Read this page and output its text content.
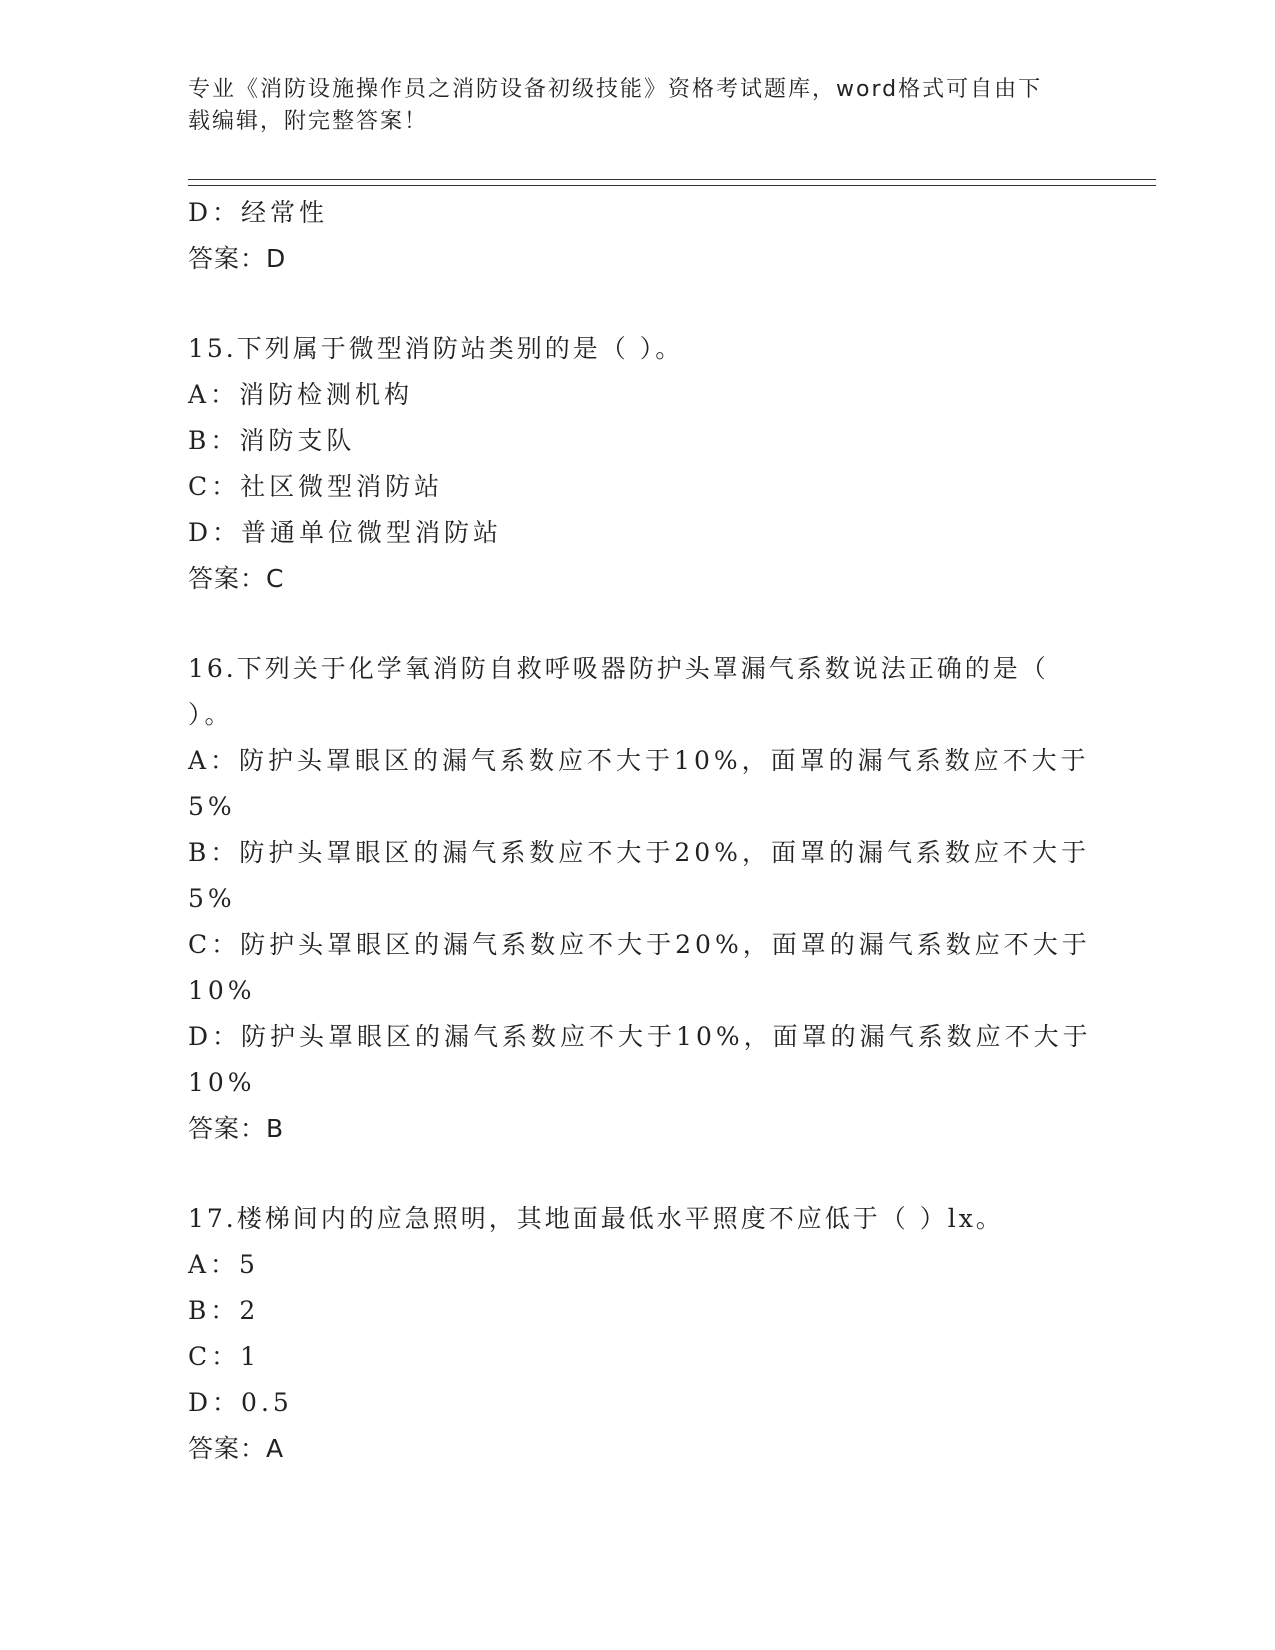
专业《消防设施操作员之消防设备初级技能》资格考试题库，word格式可自由下
载编辑，附完整答案！
D：经常性
答案：D
15.下列属于微型消防站类别的是（ ）。
A：消防检测机构
B：消防支队
C：社区微型消防站
D：普通单位微型消防站
答案：C
16.下列关于化学氧消防自救呼吸器防护头罩漏气系数说法正确的是（
）。
A：防护头罩眼区的漏气系数应不大于10%，面罩的漏气系数应不大于
5%
B：防护头罩眼区的漏气系数应不大于20%，面罩的漏气系数应不大于
5%
C：防护头罩眼区的漏气系数应不大于20%，面罩的漏气系数应不大于
10%
D：防护头罩眼区的漏气系数应不大于10%，面罩的漏气系数应不大于
10%
答案：B
17.楼梯间内的应急照明，其地面最低水平照度不应低于（ ）lx。
A：5
B：2
C：1
D：0.5
答案：A
